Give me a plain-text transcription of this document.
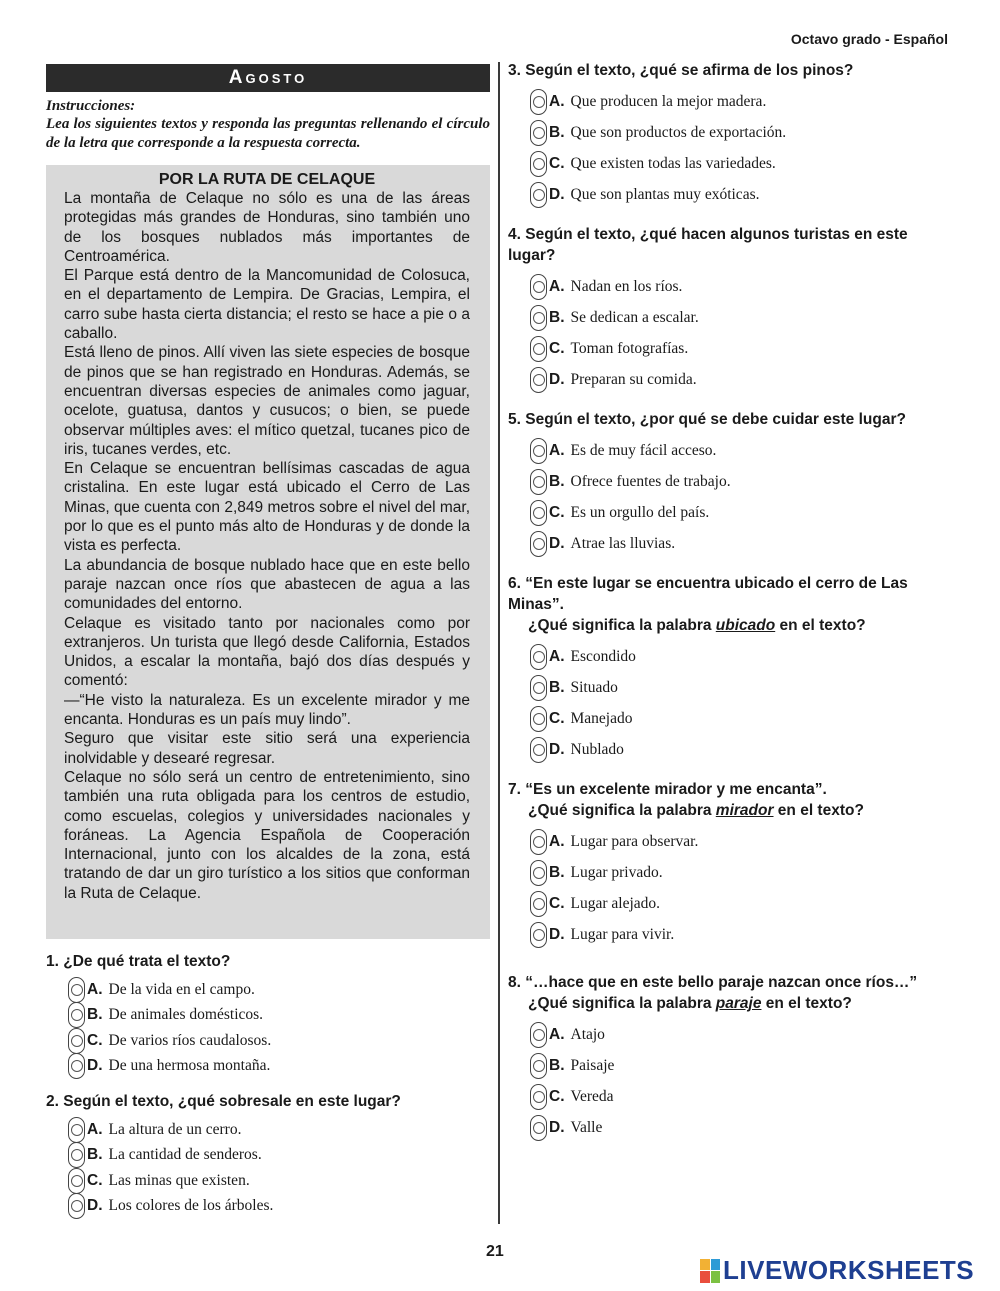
Octavo grado - Español
Agosto
Instrucciones:
Lea los siguientes textos y responda las preguntas rellenando el círculo de la letra que corresponde a la respuesta correcta.
POR LA RUTA DE CELAQUE

La montaña de Celaque no sólo es una de las áreas protegidas más grandes de Honduras, sino también uno de los bosques nublados más importantes de Centroamérica.

El Parque está dentro de la Mancomunidad de Colosuca, en el departamento de Lempira. De Gracias, Lempira, el carro sube hasta cierta distancia; el resto se hace a pie o a caballo.

Está lleno de pinos. Allí viven las siete especies de bosque de pinos que se han registrado en Honduras. Además, se encuentran diversas especies de animales como jaguar, ocelote, guatusa, dantos y cusucos; o bien, se puede observar múltiples aves: el mítico quetzal, tucanes pico de iris, tucanes verdes, etc.

En Celaque se encuentran bellísimas cascadas de agua cristalina. En este lugar está ubicado el Cerro de Las Minas, que cuenta con 2,849 metros sobre el nivel del mar, por lo que es el punto más alto de Honduras y de donde la vista es perfecta.

La abundancia de bosque nublado hace que en este bello paraje nazcan once ríos que abastecen de agua a las comunidades del entorno.

Celaque es visitado tanto por nacionales como por extranjeros. Un turista que llegó desde California, Estados Unidos, a escalar la montaña, bajó dos días después y comentó:

—“He visto la naturaleza. Es un excelente mirador y me encanta. Honduras es un país muy lindo”.

Seguro que visitar este sitio será una experiencia inolvidable y desearé regresar.

Celaque no sólo será un centro de entretenimiento, sino también una ruta obligada para los centros de estudio, como escuelas, colegios y universidades nacionales y foráneas. La Agencia Española de Cooperación Internacional, junto con los alcaldes de la zona, está tratando de dar un giro turístico a los sitios que conforman la Ruta de Celaque.

1. ¿De qué trata el texto?
A. De la vida en el campo.
B. De animales domésticos.
C. De varios ríos caudalosos.
D. De una hermosa montaña.
2. Según el texto, ¿qué sobresale en este lugar?
A. La altura de un cerro.
B. La cantidad de senderos.
C. Las minas que existen.
D. Los colores de los árboles.
3. Según el texto, ¿qué se afirma de los pinos?
A. Que producen la mejor madera.
B. Que son productos de exportación.
C. Que existen todas las variedades.
D. Que son plantas muy exóticas.
4. Según el texto, ¿qué hacen algunos turistas en este lugar?
A. Nadan en los ríos.
B. Se dedican a escalar.
C. Toman fotografías.
D. Preparan su comida.
5. Según el texto, ¿por qué se debe cuidar este lugar?
A. Es de muy fácil acceso.
B. Ofrece fuentes de trabajo.
C. Es un orgullo del país.
D. Atrae las lluvias.
6. “En este lugar se encuentra ubicado el cerro de Las Minas”.
¿Qué significa la palabra ubicado en el texto?
A. Escondido
B. Situado
C. Manejado
D. Nublado
7. “Es un excelente mirador y me encanta”.
¿Qué significa la palabra mirador en el texto?
A. Lugar para observar.
B. Lugar privado.
C. Lugar alejado.
D. Lugar para vivir.
8. “…hace que en este bello paraje nazcan once ríos…”
¿Qué significa la palabra paraje en el texto?
A. Atajo
B. Paisaje
C. Vereda
D. Valle
21
LIVEWORKSHEETS
